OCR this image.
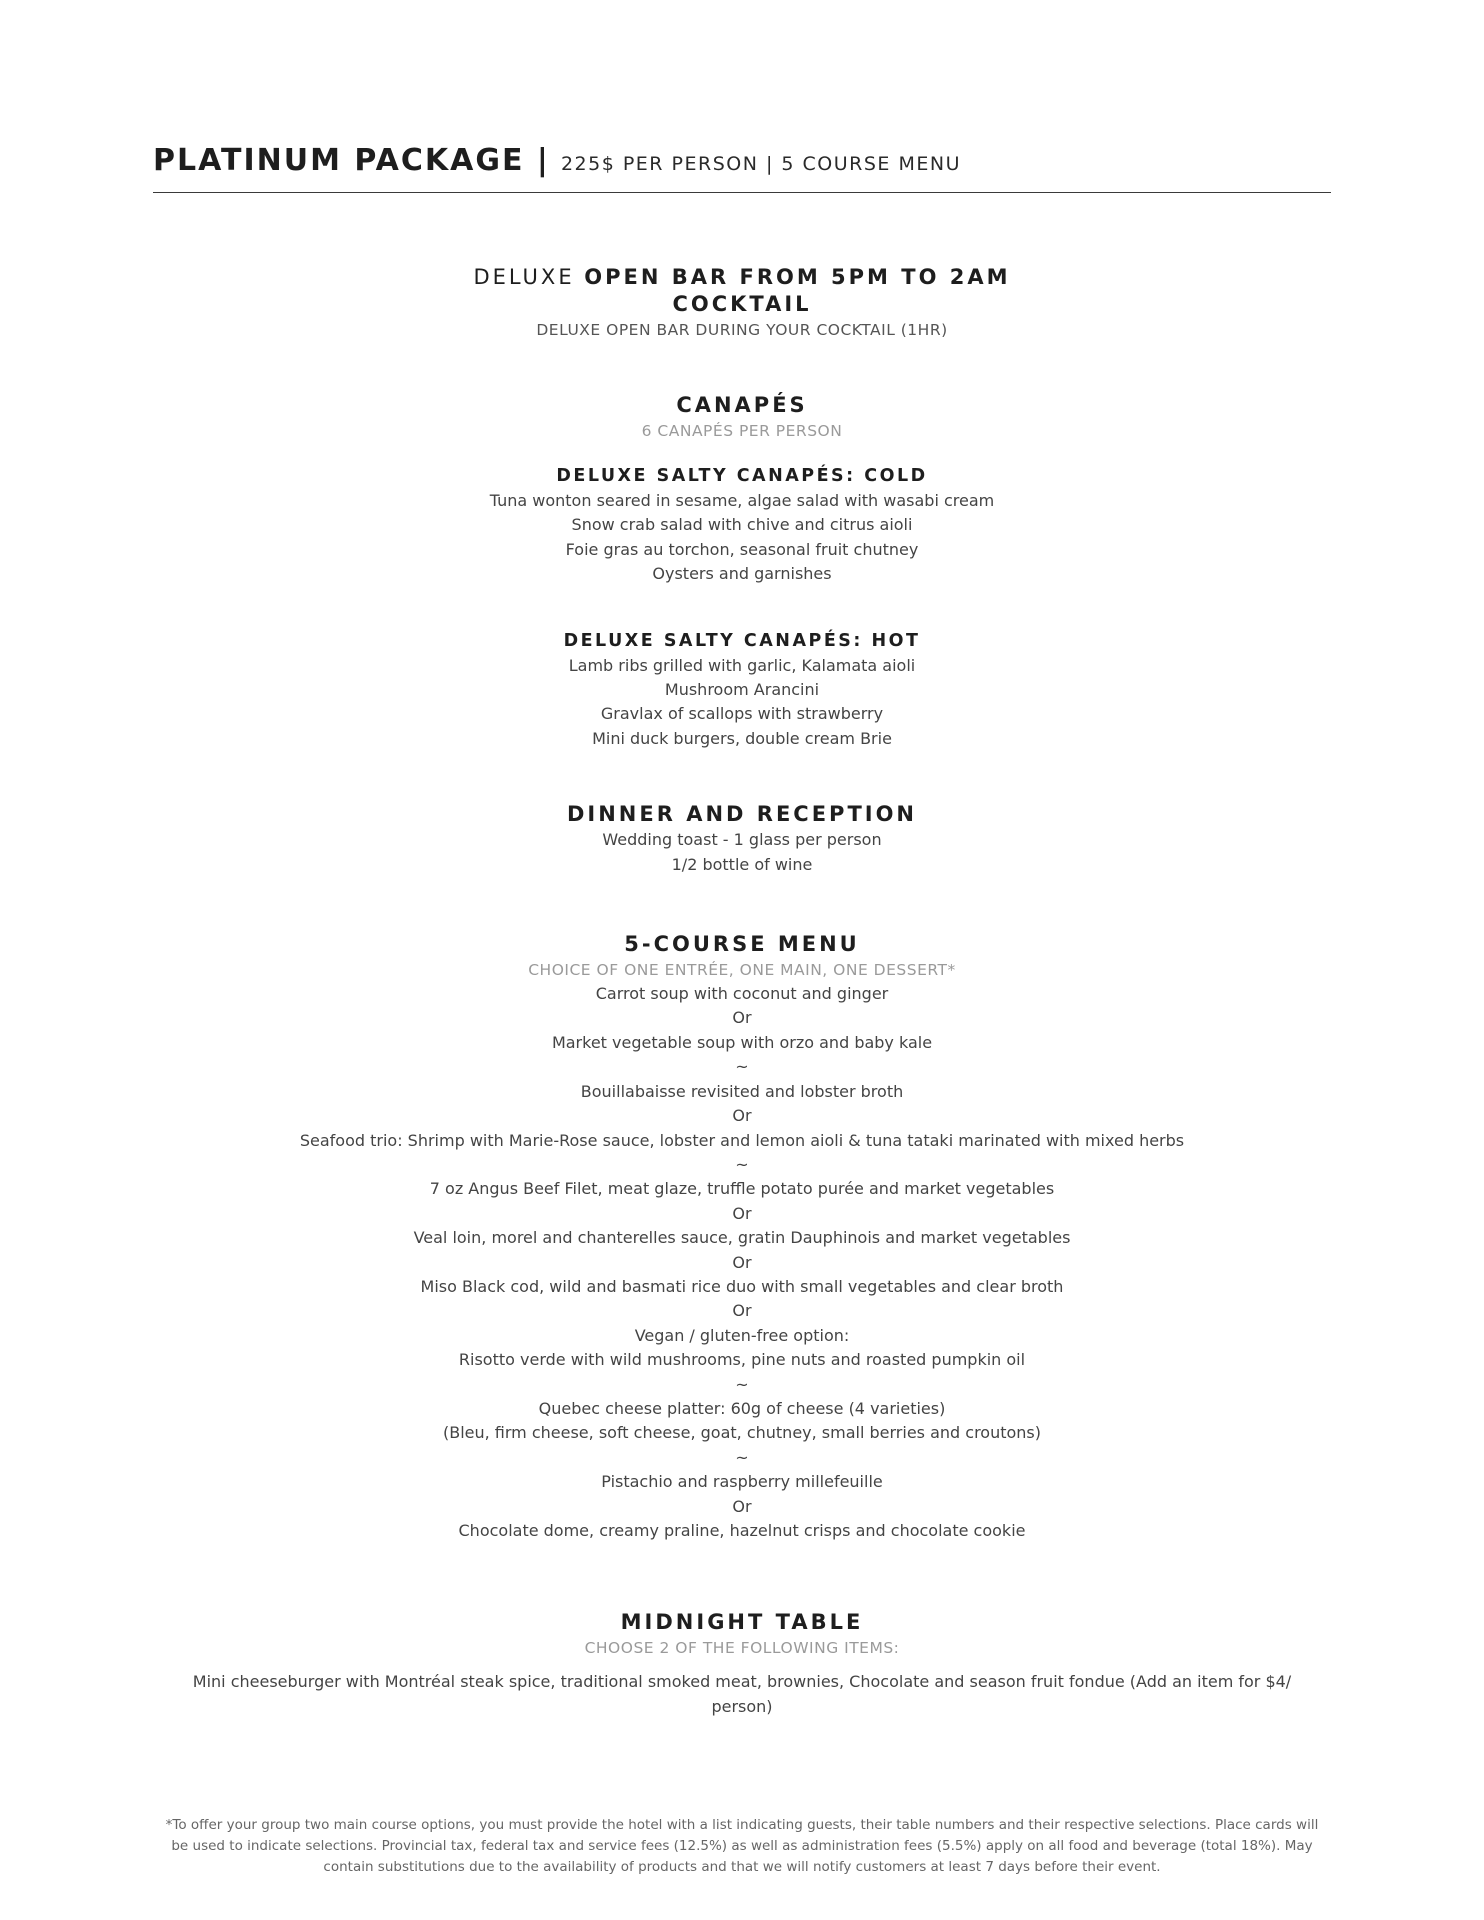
PLATINUM PACKAGE | 225$ PER PERSON | 5 COURSE MENU

DELUXE OPEN BAR FROM 5PM TO 2AM

COCKTAIL

DELUXE OPEN BAR DURING YOUR COCKTAIL (1HR)

CANAPÉS

6 CANAPÉS PER PERSON

DELUXE SALTY CANAPÉS: COLD

Tuna wonton seared in sesame, algae salad with wasabi cream

Snow crab salad with chive and citrus aioli

Foie gras au torchon, seasonal fruit chutney

Oysters and garnishes

DELUXE SALTY CANAPÉS: HOT

Lamb ribs grilled with garlic, Kalamata aioli

Mushroom Arancini

Gravlax of scallops with strawberry

Mini duck burgers, double cream Brie

DINNER AND RECEPTION

Wedding toast - 1 glass per person

1/2 bottle of wine

5-COURSE MENU

CHOICE OF ONE ENTRÉE, ONE MAIN, ONE DESSERT*

Carrot soup with coconut and ginger

Or

Market vegetable soup with orzo and baby kale

~

Bouillabaisse revisited and lobster broth

Or

Seafood trio: Shrimp with Marie-Rose sauce, lobster and lemon aioli & tuna tataki marinated with mixed herbs

~

7 oz Angus Beef Filet, meat glaze, truffle potato purée and market vegetables

Or

Veal loin, morel and chanterelles sauce, gratin Dauphinois and market vegetables

Or

Miso Black cod, wild and basmati rice duo with small vegetables and clear broth

Or

Vegan / gluten-free option:

Risotto verde with wild mushrooms, pine nuts and roasted pumpkin oil

~

Quebec cheese platter: 60g of cheese (4 varieties)

(Bleu, firm cheese, soft cheese, goat, chutney, small berries and croutons)

~

Pistachio and raspberry millefeuille

Or

Chocolate dome, creamy praline, hazelnut crisps and chocolate cookie

MIDNIGHT TABLE

CHOOSE 2 OF THE FOLLOWING ITEMS:

Mini cheeseburger with Montréal steak spice, traditional smoked meat, brownies, Chocolate and season fruit fondue (Add an item for $4/ person)

*To offer your group two main course options, you must provide the hotel with a list indicating guests, their table numbers and their respective selections. Place cards will be used to indicate selections. Provincial tax, federal tax and service fees (12.5%) as well as administration fees (5.5%) apply on all food and beverage (total 18%). May contain substitutions due to the availability of products and that we will notify customers at least 7 days before their event.
